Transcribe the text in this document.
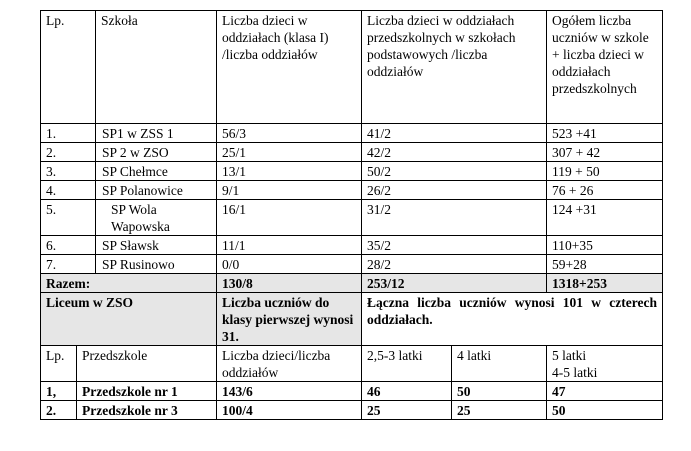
Lp.		Szkoła	Liczba dzieci w oddziałach (klasa I) /liczba oddziałów	Liczba dzieci w oddziałach przedszkolnych w szkołach podstawowych /liczba oddziałów		Ogółem liczba uczniów w szkole + liczba dzieci w oddziałach przedszkolnych
1.		SP1 w ZSS 1	56/3	41/2		523 +41
2.		SP 2 w ZSO	25/1	42/2		307 + 42
3.		SP Chełmce	13/1	50/2		119 + 50
4.		SP Polanowice	9/1	26/2		76 + 26
5.		SP Wola Wapowska	16/1	31/2		124 +31
6.		SP Sławsk	11/1	35/2		110+35
7.		SP Rusinowo	0/0	28/2		59+28
Razem:			130/8	253/12		1318+253
Liceum w ZSO			Liczba uczniów do klasy pierwszej wynosi 31.	Łączna liczba uczniów wynosi 101 w czterech oddziałach.		
Lp.	Przedszkole		Liczba dzieci/liczba oddziałów	2,5-3 latki	4 latki	5 latki
4-5 latki
1,	Przedszkole nr 1		143/6	46	50	47
2.	Przedszkole nr 3		100/4	25	25	50
